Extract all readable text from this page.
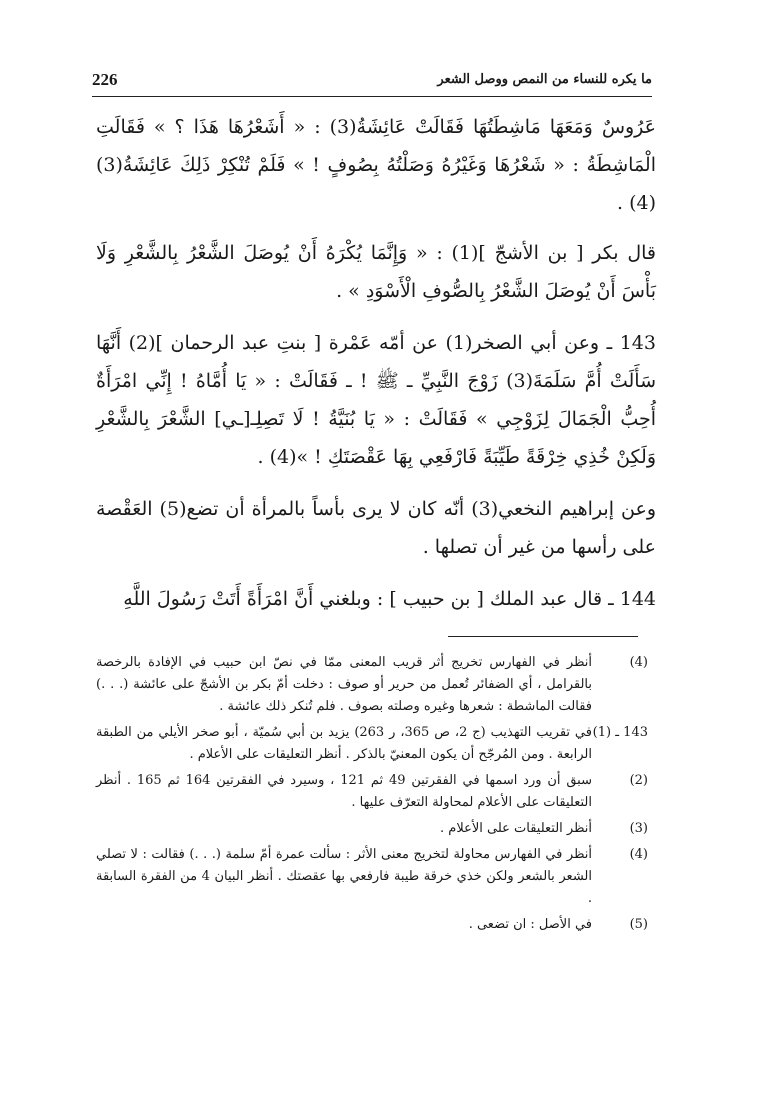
226	ما يكره للنساء من النمص ووصل الشعر

عَرُوسٌ وَمَعَهَا مَاشِطَتُهَا فَقَالَتْ عَائِشَةُ(3) : « أَشَعْرُهَا هَذَا ؟ » فَقَالَتِ الْمَاشِطَةُ : « شَعْرُهَا وَغَيْرُهُ وَصَلْتُهُ بِصُوفٍ ! » فَلَمْ تُنْكِرْ ذَلِكَ عَائِشَةُ(3)(4) .

قال بكر [ بن الأشجّ ](1) : « وَإِنَّمَا يُكْرَهُ أَنْ يُوصَلَ الشَّعْرُ بِالشَّعْرِ وَلَا بَأْسَ أَنْ يُوصَلَ الشَّعْرُ بِالصُّوفِ الْأَسْوَدِ » .

143 ـ وعن أبي الصخر(1) عن أمّه عَمْرة [ بنتِ عبد الرحمان ](2) أَنَّهَا سَأَلَتْ أُمَّ سَلَمَةَ(3) زَوْجَ النَّبِيِّ ـ ﷺ ! ـ فَقَالَتْ : « يَا أُمَّاهُ ! إِنِّي امْرَأَةٌ أُحِبُّ الْجَمَالَ لِزَوْجِي » فَقَالَتْ : « يَا بُنَيَّةُ ! لَا تَصِلِـ[ـي] الشَّعْرَ بِالشَّعْرِ وَلَكِنْ خُذِي خِرْقَةً طَيِّبَةً فَارْفَعِي بِهَا عَقْصَتَكِ ! »(4) .

وعن إبراهيم النخعي(3) أنّه كان لا يرى بأساً بالمرأة أن تضع(5) العَقْصة على رأسها من غير أن تصلها .

144 ـ قال عبد الملك [ بن حبيب ] : وبلغني أَنَّ امْرَأَةً أَتَتْ رَسُولَ اللَّهِ

(4)
أنظر في الفهارس تخريج أثر قريب المعنى ممّا في نصّ ابن حبيب في الإفادة بالرخصة بالقرامل ، أي الضفائر تُعمل من حرير أو صوف : دخلت أمّ بكر بن الأشجّ على عائشة (. . .) فقالت الماشطة : شعرها وغيره وصلته بصوف . فلم تُنكر ذلك عائشة .
143 ـ (1)
في تقريب التهذيب (ج 2، ص 365، ر 263) يزيد بن أبي سُميّة ، أبو صخر الأيلي من الطبقة الرابعة . ومن المُرجّح أن يكون المعنيّ بالذكر . أنظر التعليقات على الأعلام .
(2)
سبق أن ورد اسمها في الفقرتين 49 ثم 121 ، وسيرد في الفقرتين 164 ثم 165 . أنظر التعليقات على الأعلام لمحاولة التعرّف عليها .
(3)
أنظر التعليقات على الأعلام .
(4)
أنظر في الفهارس محاولة لتخريج معنى الأثر : سألت عمرة أمّ سلمة (. . .) فقالت : لا تصلي الشعر بالشعر ولكن خذي خرقة طيبة فارفعي بها عقصتك . أنظر البيان 4 من الفقرة السابقة .
(5)
في الأصل : ان تضعى .
